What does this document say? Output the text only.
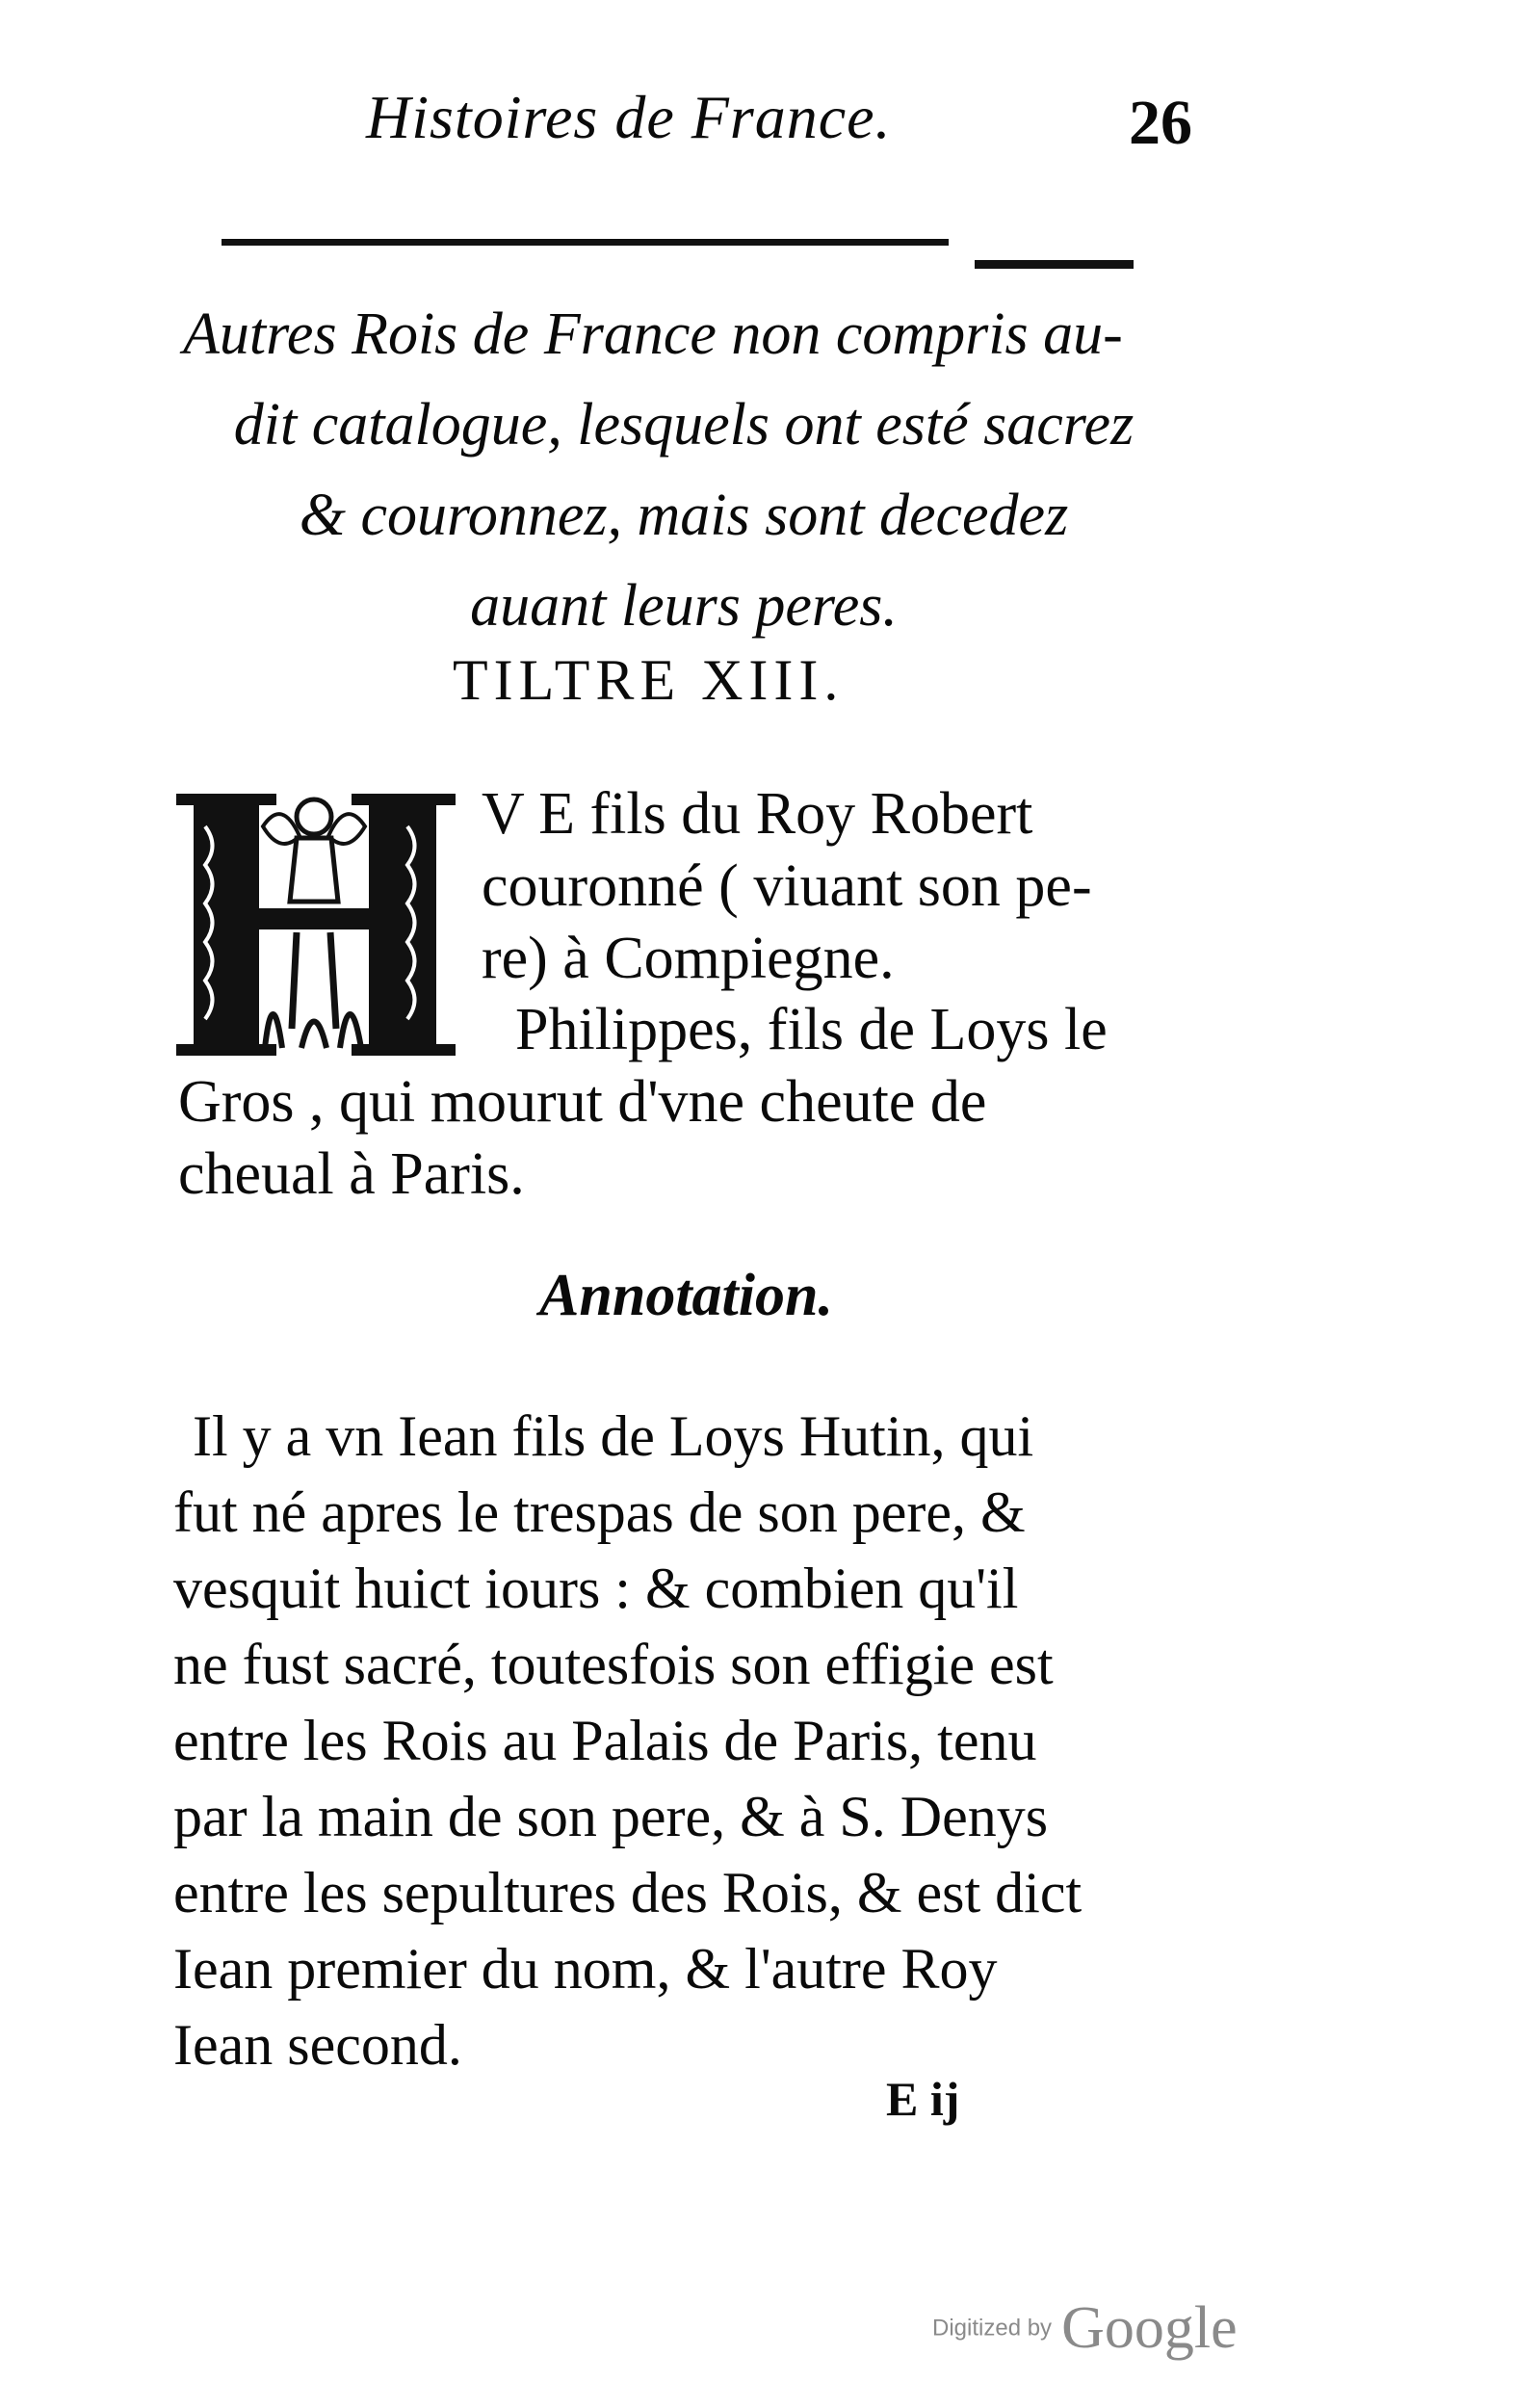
Histoires de France.	26
Autres Rois de France non compris au-
dit catalogue, lesquels ont esté sacrez
& couronnez, mais sont decedez
auant leurs peres.
TILTRE XIII.
V E fils du Roy Robert
couronné ( viuant son pe-
re) à Compiegne.
Philippes, fils de Loys le
Gros , qui mourut d'vne cheute de
cheual à Paris.
Annotation.
Il y a vn Iean fils de Loys Hutin, qui
fut né apres le trespas de son pere, &
vesquit huict iours : & combien qu'il
ne fust sacré, toutesfois son effigie est
entre les Rois au Palais de Paris, tenu
par la main de son pere, & à S. Denys
entre les sepultures des Rois, & est dict
Iean premier du nom, & l'autre Roy
Iean second.
E ij
Digitized by Google
